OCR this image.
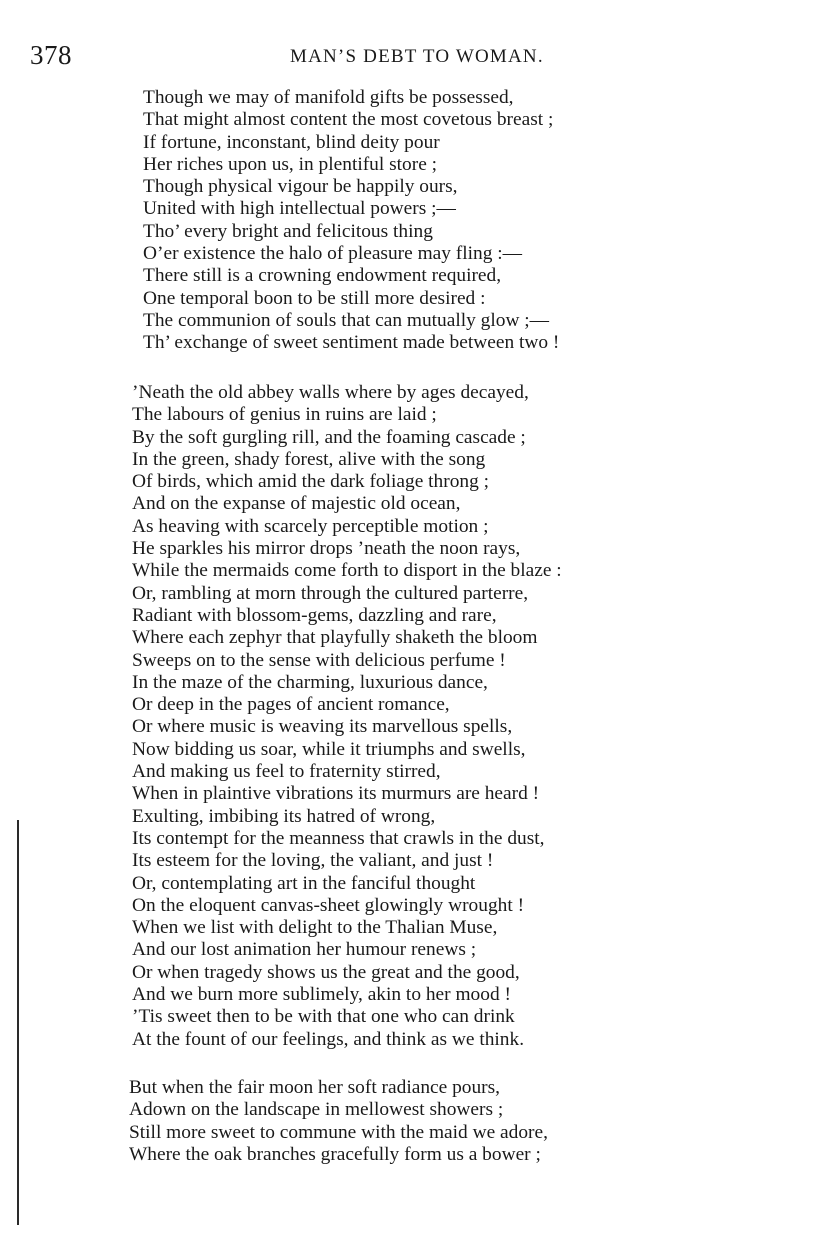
378	MAN’S DEBT TO WOMAN.
Though we may of manifold gifts be possessed,
That might almost content the most covetous breast ;
If fortune, inconstant, blind deity pour
Her riches upon us, in plentiful store ;
Though physical vigour be happily ours,
United with high intellectual powers ;—
Tho’ every bright and felicitous thing
O’er existence the halo of pleasure may fling :—
There still is a crowning endowment required,
One temporal boon to be still more desired :
The communion of souls that can mutually glow ;—
Th’ exchange of sweet sentiment made between two !
’Neath the old abbey walls where by ages decayed,
The labours of genius in ruins are laid ;
By the soft gurgling rill, and the foaming cascade ;
In the green, shady forest, alive with the song
Of birds, which amid the dark foliage throng ;
And on the expanse of majestic old ocean,
As heaving with scarcely perceptible motion ;
He sparkles his mirror drops ’neath the noon rays,
While the mermaids come forth to disport in the blaze :
Or, rambling at morn through the cultured parterre,
Radiant with blossom-gems, dazzling and rare,
Where each zephyr that playfully shaketh the bloom
Sweeps on to the sense with delicious perfume !
In the maze of the charming, luxurious dance,
Or deep in the pages of ancient romance,
Or where music is weaving its marvellous spells,
Now bidding us soar, while it triumphs and swells,
And making us feel to fraternity stirred,
When in plaintive vibrations its murmurs are heard !
Exulting, imbibing its hatred of wrong,
Its contempt for the meanness that crawls in the dust,
Its esteem for the loving, the valiant, and just !
Or, contemplating art in the fanciful thought
On the eloquent canvas-sheet glowingly wrought !
When we list with delight to the Thalian Muse,
And our lost animation her humour renews ;
Or when tragedy shows us the great and the good,
And we burn more sublimely, akin to her mood !
’Tis sweet then to be with that one who can drink
At the fount of our feelings, and think as we think.
But when the fair moon her soft radiance pours,
Adown on the landscape in mellowest showers ;
Still more sweet to commune with the maid we adore,
Where the oak branches gracefully form us a bower ;
